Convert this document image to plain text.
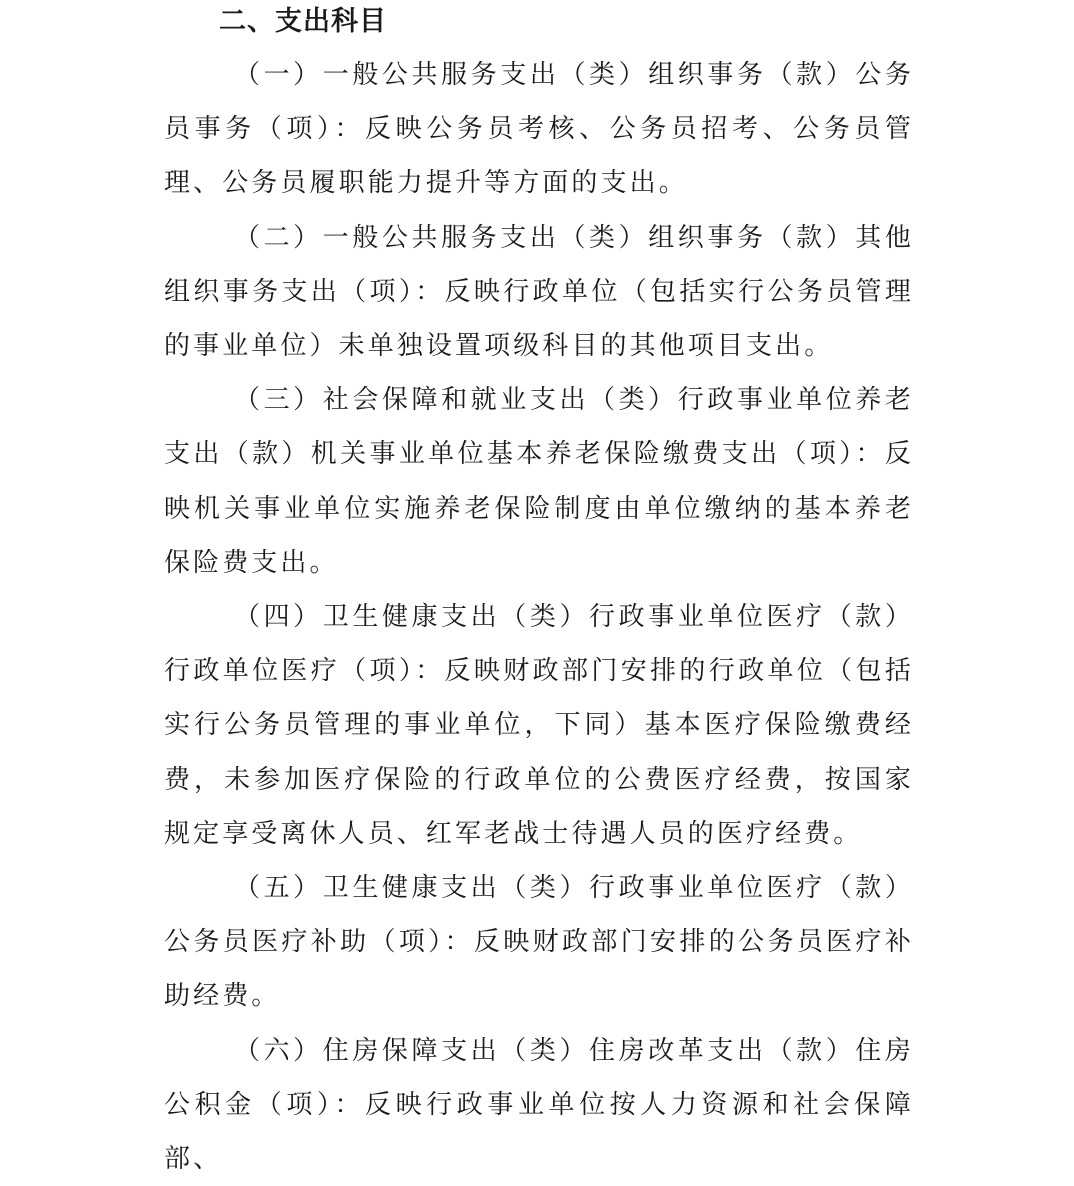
二、支出科目

（一）一般公共服务支出（类）组织事务（款）公务员事务（项）：反映公务员考核、公务员招考、公务员管理、公务员履职能力提升等方面的支出。

（二）一般公共服务支出（类）组织事务（款）其他组织事务支出（项）：反映行政单位（包括实行公务员管理的事业单位）未单独设置项级科目的其他项目支出。

（三）社会保障和就业支出（类）行政事业单位养老支出（款）机关事业单位基本养老保险缴费支出（项）：反映机关事业单位实施养老保险制度由单位缴纳的基本养老保险费支出。

（四）卫生健康支出（类）行政事业单位医疗（款）行政单位医疗（项）：反映财政部门安排的行政单位（包括实行公务员管理的事业单位，下同）基本医疗保险缴费经费，未参加医疗保险的行政单位的公费医疗经费，按国家规定享受离休人员、红军老战士待遇人员的医疗经费。

（五）卫生健康支出（类）行政事业单位医疗（款）公务员医疗补助（项）：反映财政部门安排的公务员医疗补助经费。

（六）住房保障支出（类）住房改革支出（款）住房公积金（项）：反映行政事业单位按人力资源和社会保障部、
